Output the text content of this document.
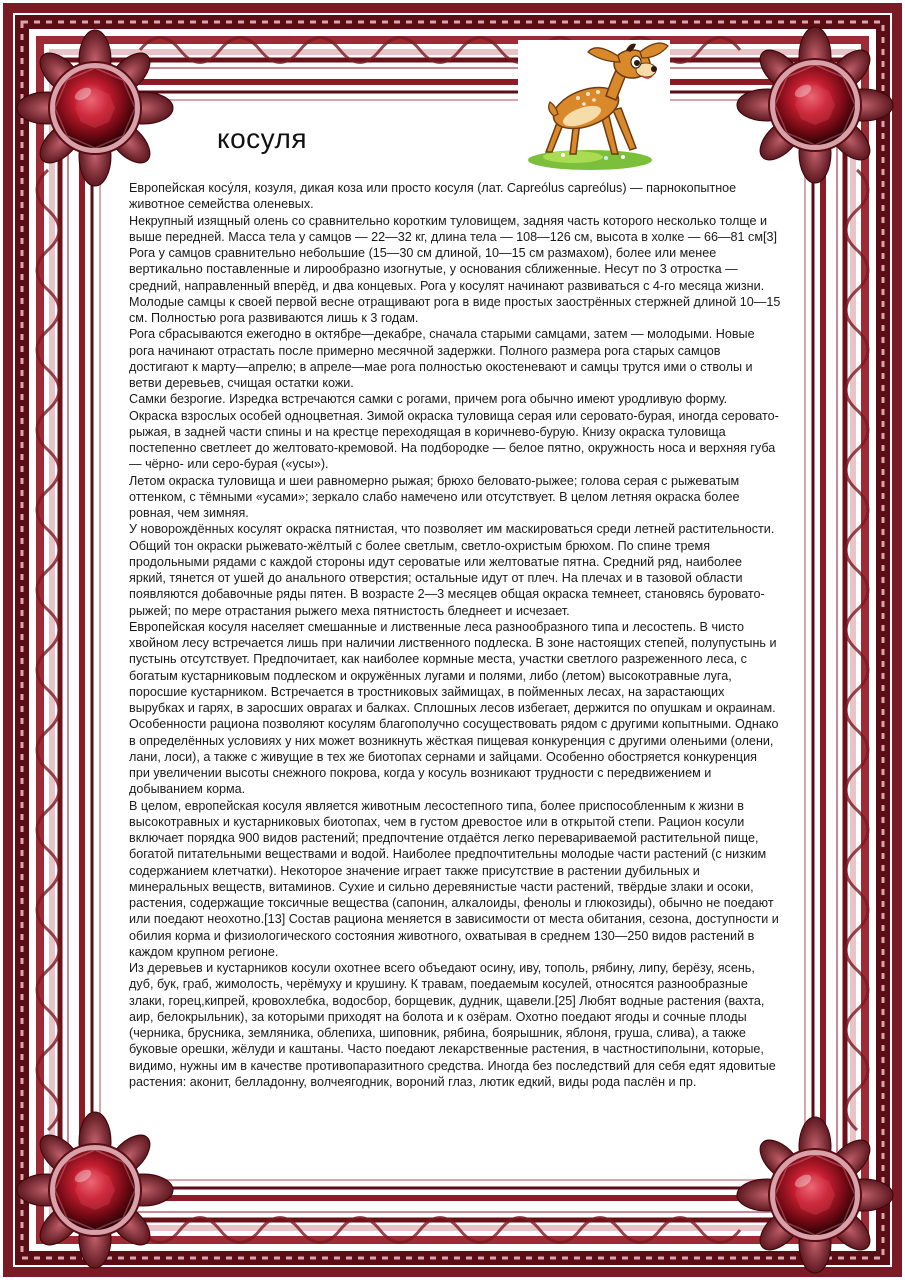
косуля

Европейская косу́ля, козуля, дикая коза или просто косуля (лат. Capreólus capreólus) — парнокопытное животное семейства оленевых.

Некрупный изящный олень со сравнительно коротким туловищем, задняя часть которого несколько толще и выше передней. Масса тела у самцов — 22—32 кг, длина тела — 108—126 см, высота в холке — 66—81 см[3]

Рога у самцов сравнительно небольшие (15—30 см длиной, 10—15 см размахом), более или менее вертикально поставленные и лирообразно изогнутые, у основания сближенные. Несут по 3 отростка — средний, направленный вперёд, и два концевых. Рога у косулят начинают развиваться с 4-го месяца жизни. Молодые самцы к своей первой весне отращивают рога в виде простых заострённых стержней длиной 10—15 см. Полностью рога развиваются лишь к 3 годам.

Рога сбрасываются ежегодно в октябре—декабре, сначала старыми самцами, затем — молодыми. Новые рога начинают отрастать после примерно месячной задержки. Полного размера рога старых самцов достигают к марту—апрелю; в апреле—мае рога полностью окостеневают и самцы трутся ими о стволы и ветви деревьев, счищая остатки кожи.

Самки безрогие. Изредка встречаются самки с рогами, причем рога обычно имеют уродливую форму.

Окраска взрослых особей одноцветная. Зимой окраска туловища серая или серовато-бурая, иногда серовато-рыжая, в задней части спины и на крестце переходящая в коричнево-бурую. Книзу окраска туловища постепенно светлеет до желтовато-кремовой. На подбородке — белое пятно, окружность носа и верхняя губа — чёрно- или серо-бурая («усы»).

Летом окраска туловища и шеи равномерно рыжая; брюхо беловато-рыжее; голова серая с рыжеватым оттенком, с тёмными «усами»; зеркало слабо намечено или отсутствует. В целом летняя окраска более ровная, чем зимняя.

У новорождённых косулят окраска пятнистая, что позволяет им маскироваться среди летней растительности. Общий тон окраски рыжевато-жёлтый с более светлым, светло-охристым брюхом. По спине тремя продольными рядами с каждой стороны идут сероватые или желтоватые пятна. Средний ряд, наиболее яркий, тянется от ушей до анального отверстия; остальные идут от плеч. На плечах и в тазовой области появляются добавочные ряды пятен. В возрасте 2—3 месяцев общая окраска темнеет, становясь буровато-рыжей; по мере отрастания рыжего меха пятнистость бледнеет и исчезает.

Европейская косуля населяет смешанные и лиственные леса разнообразного типа и лесостепь. В чисто хвойном лесу встречается лишь при наличии лиственного подлеска. В зоне настоящих степей, полупустынь и пустынь отсутствует. Предпочитает, как наиболее кормные места, участки светлого разреженного леса, с богатым кустарниковым подлеском и окружённых лугами и полями, либо (летом) высокотравные луга, поросшие кустарником. Встречается в тростниковых займищах, в пойменных лесах, на зарастающих вырубках и гарях, в заросших оврагах и балках. Сплошных лесов избегает, держится по опушкам и окраинам.

Особенности рациона позволяют косулям благополучно сосуществовать рядом с другими копытными. Однако в определённых условиях у них может возникнуть жёсткая пищевая конкуренция с другими оленьими (олени, лани, лоси), а также с живущие в тех же биотопах сернами и зайцами. Особенно обостряется конкуренция при увеличении высоты снежного покрова, когда у косуль возникают трудности с передвижением и добыванием корма.

В целом, европейская косуля является животным лесостепного типа, более приспособленным к жизни в высокотравных и кустарниковых биотопах, чем в густом древостое или в открытой степи. Рацион косули включает порядка 900 видов растений; предпочтение отдаётся легко перевариваемой растительной пище, богатой питательными веществами и водой. Наиболее предпочтительны молодые части растений (с низким содержанием клетчатки). Некоторое значение играет также присутствие в растении дубильных и минеральных веществ, витаминов. Сухие и сильно деревянистые части растений, твёрдые злаки и осоки, растения, содержащие токсичные вещества (сапонин, алкалоиды, фенолы и глюкозиды), обычно не поедают или поедают неохотно.[13] Состав рациона меняется в зависимости от места обитания, сезона, доступности и обилия корма и физиологического состояния животного, охватывая в среднем 130—250 видов растений в каждом крупном регионе.

Из деревьев и кустарников косули охотнее всего объедают осину, иву, тополь, рябину, липу, берёзу, ясень, дуб, бук, граб, жимолость, черёмуху и крушину. К травам, поедаемым косулей, относятся разнообразные злаки, горец,кипрей, кровохлебка, водосбор, борщевик, дудник, щавели.[25] Любят водные растения (вахта, аир, белокрыльник), за которыми приходят на болота и к озёрам. Охотно поедают ягоды и сочные плоды (черника, брусника, земляника, облепиха, шиповник, рябина, боярышник, яблоня, груша, слива), а также буковые орешки, жёлуди и каштаны. Часто поедают лекарственные растения, в частностиполыни, которые, видимо, нужны им в качестве противопаразитного средства. Иногда без последствий для себя едят ядовитые растения: аконит, белладонну, волчеягодник, вороний глаз, лютик едкий, виды рода паслён и пр.
